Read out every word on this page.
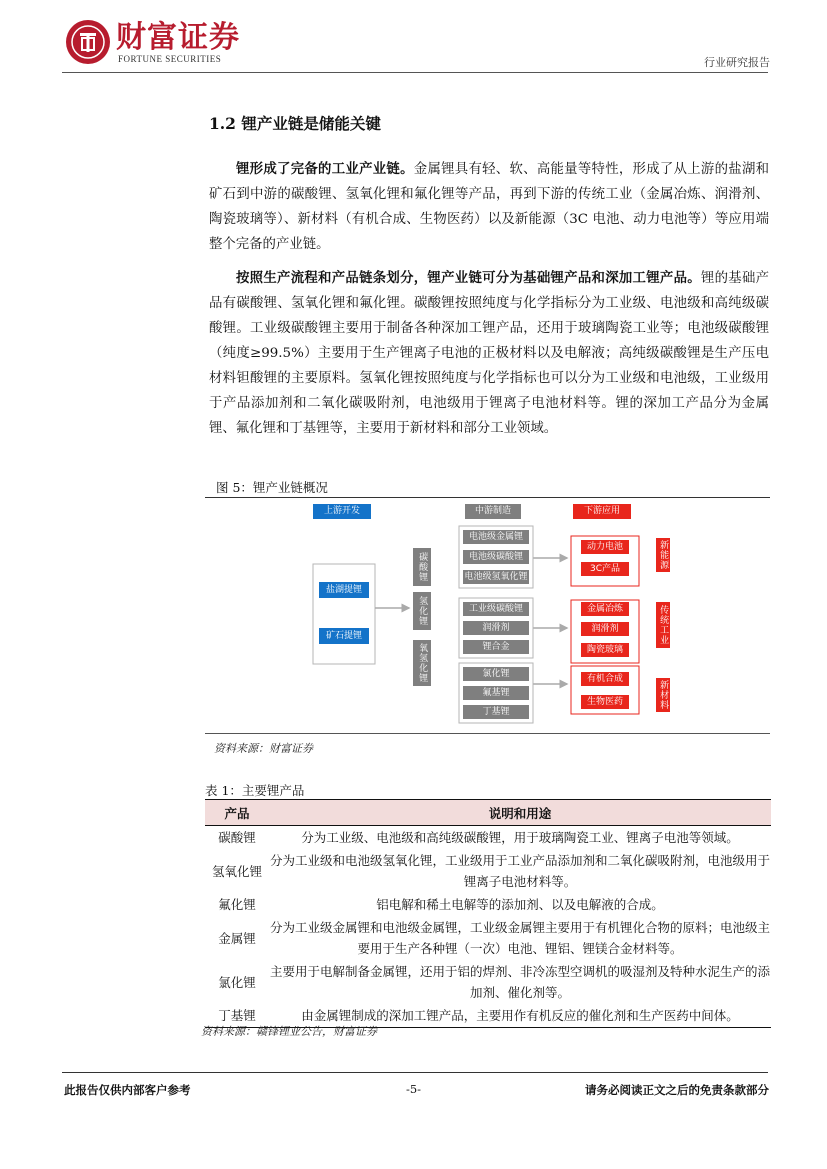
财富证券
FORTUNE SECURITIES	行业研究报告
1.2 锂产业链是储能关键

锂形成了完备的工业产业链。金属锂具有轻、软、高能量等特性，形成了从上游的盐湖和矿石到中游的碳酸锂、氢氧化锂和氟化锂等产品，再到下游的传统工业（金属冶炼、润滑剂、陶瓷玻璃等）、新材料（有机合成、生物医药）以及新能源（3C 电池、动力电池等）等应用端整个完备的产业链。

按照生产流程和产品链条划分，锂产业链可分为基础锂产品和深加工锂产品。锂的基础产品有碳酸锂、氢氧化锂和氟化锂。碳酸锂按照纯度与化学指标分为工业级、电池级和高纯级碳酸锂。工业级碳酸锂主要用于制备各种深加工锂产品，还用于玻璃陶瓷工业等；电池级碳酸锂（纯度≥99.5%）主要用于生产锂离子电池的正极材料以及电解液；高纯级碳酸锂是生产压电材料钽酸锂的主要原料。氢氧化锂按照纯度与化学指标也可以分为工业级和电池级，工业级用于产品添加剂和二氧化碳吸附剂，电池级用于锂离子电池材料等。锂的深加工产品分为金属锂、氟化锂和丁基锂等，主要用于新材料和部分工业领域。

图 5：锂产业链概况
上游开发
盐湖提锂
矿石提锂
中游制造
碳酸锂
氢化锂
氧氢化锂
电池级金属锂
电池级碳酸锂
电池级氢氧化锂
工业级碳酸锂
润滑剂
锂合金
氯化锂
氟基锂
丁基锂
下游应用
动力电池
3C产品
金属冶炼
润滑剂
陶瓷玻璃
有机合成
生物医药
新能源
传统工业
新材料
资料来源：财富证券
表 1：主要锂产品
产品	说明和用途
碳酸锂	分为工业级、电池级和高纯级碳酸锂，用于玻璃陶瓷工业、锂离子电池等领域。
氢氧化锂	分为工业级和电池级氢氧化锂，工业级用于工业产品添加剂和二氧化碳吸附剂，电池级用于锂离子电池材料等。
氟化锂	铝电解和稀土电解等的添加剂、以及电解液的合成。
金属锂	分为工业级金属锂和电池级金属锂，工业级金属锂主要用于有机锂化合物的原料；电池级主要用于生产各种锂（一次）电池、锂铝、锂镁合金材料等。
氯化锂	主要用于电解制备金属锂，还用于铝的焊剂、非冷冻型空调机的吸湿剂及特种水泥生产的添加剂、催化剂等。
丁基锂	由金属锂制成的深加工锂产品，主要用作有机反应的催化剂和生产医药中间体。
资料来源：赣锋锂业公告，财富证券
此报告仅供内部客户参考	-5-	请务必阅读正文之后的免责条款部分
